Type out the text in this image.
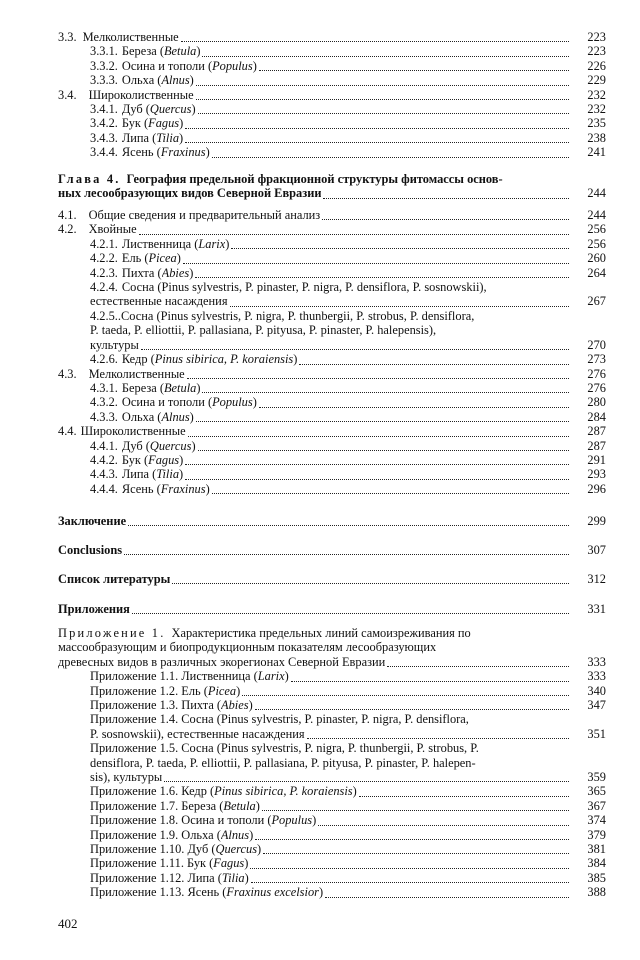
3.3. Мелколиственные	223
3.3.1. Береза ( Betula )	223
3.3.2. Осина и тополи ( Populus )	226
3.3.3. Ольха ( Alnus )	229
3.4. Широколиственные	232
3.4.1. Дуб ( Quercus )	232
3.4.2. Бук ( Fagus )	235
3.4.3. Липа ( Tilia )	238
3.4.4. Ясень ( Fraxinus )	241
Глава 4. География предельной фракционной структуры фитомассы основ-
ных лесообразующих видов Северной Евразии	244
4.1. Общие сведения и предварительный анализ	244
4.2. Хвойные	256
4.2.1. Лиственница ( Larix )	256
4.2.2. Ель ( Picea )	260
4.2.3. Пихта ( Abies )	264
4.2.4. Сосна (Pinus sylvestris, P. pinaster, P. nigra, P. densiflora, P. sosnowskii),
естественные насаждения	267
4.2.5.. Сосна (Pinus sylvestris, P. nigra, P. thunbergii, P. strobus, P. densiflora,
P. taeda, P. elliottii, P. pallasiana, P. pityusa, P. pinaster, P. halepensis),
культуры	270
4.2.6. Кедр ( Pinus sibirica, P. koraiensis )	273
4.3. Мелколиственные	276
4.3.1. Береза ( Betula )	276
4.3.2. Осина и тополи ( Populus )	280
4.3.3. Ольха ( Alnus )	284
4.4. Широколиственные	287
4.4.1. Дуб ( Quercus )	287
4.4.2. Бук ( Fagus )	291
4.4.3. Липа ( Tilia )	293
4.4.4. Ясень ( Fraxinus )	296
Заключение	299
Conclusions	307
Список литературы	312
Приложения	331
Приложение 1. Характеристика предельных линий самоизреживания по
массообразующим и биопродукционным показателям лесообразующих
древесных видов в различных экорегионах Северной Евразии	333
Приложение 1.1. Лиственница ( Larix )	333
Приложение 1.2. Ель ( Picea )	340
Приложение 1.3. Пихта ( Abies )	347
Приложение 1.4. Сосна (Pinus sylvestris, P. pinaster, P. nigra, P. densiflora,
P. sosnowskii), естественные насаждения	351
Приложение 1.5. Сосна (Pinus sylvestris, P. nigra, P. thunbergii, P. strobus, P.
densiflora, P. taeda, P. elliottii, P. pallasiana, P. pityusa, P. pinaster, P. halepen-
sis), культуры	359
Приложение 1.6. Кедр ( Pinus sibirica, P. koraiensis )	365
Приложение 1.7. Береза ( Betula )	367
Приложение 1.8. Осина и тополи ( Populus )	374
Приложение 1.9. Ольха ( Alnus )	379
Приложение 1.10. Дуб ( Quercus )	381
Приложение 1.11. Бук ( Fagus )	384
Приложение 1.12. Липа ( Tilia )	385
Приложение 1.13. Ясень ( Fraxinus excelsior )	388
402
